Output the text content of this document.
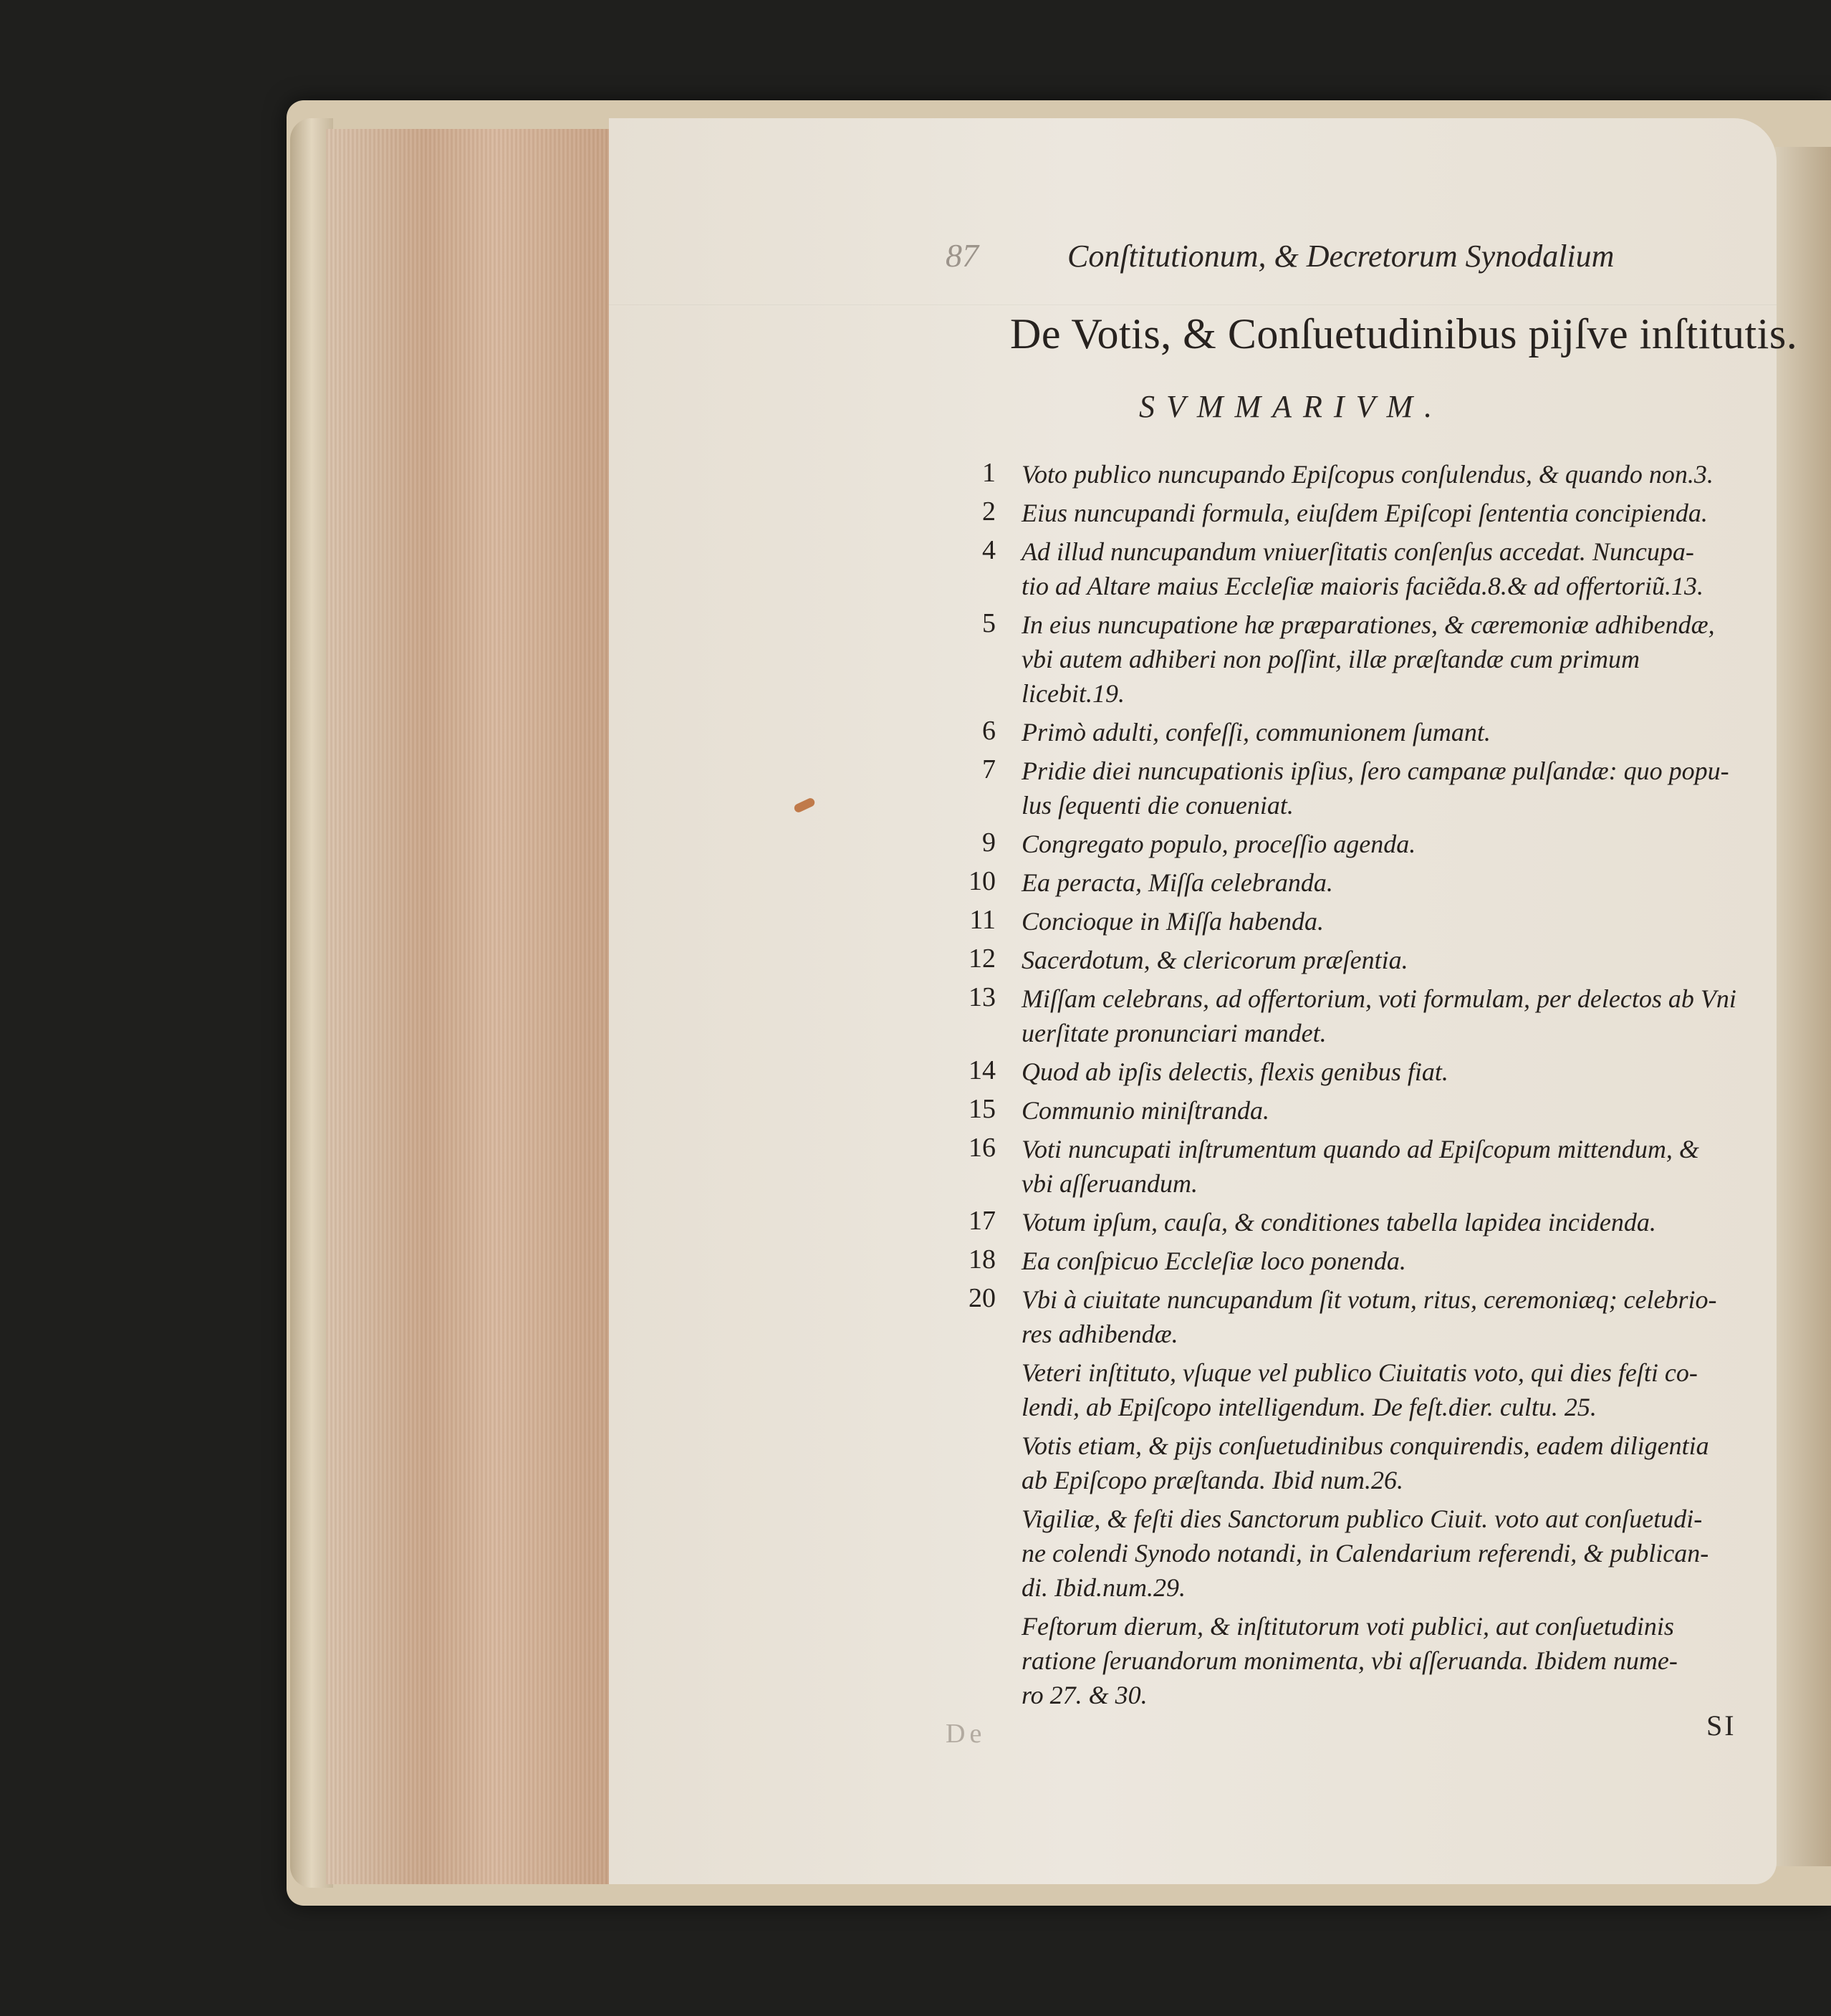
87	Conſtitutionum, & Decretorum Synodalium
De Votis, & Conſuetudinibus pijſve inſtitutis.
SVMMARIVM.
1 Voto publico nuncupando Epiſcopus conſulendus, & quando non.3.
2 Eius nuncupandi formula, eiuſdem Epiſcopi ſententia concipienda.
4 Ad illud nuncupandum vniuerſitatis conſenſus accedat. Nuncupa-
tio ad Altare maius Eccleſiæ maioris faciẽda.8.& ad offertoriũ.13.
5 In eius nuncupatione hæ præparationes, & cæremoniæ adhibendæ,
vbi autem adhiberi non poſſint, illæ præſtandæ cum primum
licebit.19.
6 Primò adulti, confeſſi, communionem ſumant.
7 Pridie diei nuncupationis ipſius, ſero campanæ pulſandæ: quo popu-
lus ſequenti die conueniat.
9 Congregato populo, proceſſio agenda.
10 Ea peracta, Miſſa celebranda.
11 Concioque in Miſſa habenda.
12 Sacerdotum, & clericorum præſentia.
13 Miſſam celebrans, ad offertorium, voti formulam, per delectos ab Vni
uerſitate pronunciari mandet.
14 Quod ab ipſis delectis, flexis genibus fiat.
15 Communio miniſtranda.
16 Voti nuncupati inſtrumentum quando ad Epiſcopum mittendum, &
vbi aſſeruandum.
17 Votum ipſum, cauſa, & conditiones tabella lapidea incidenda.
18 Ea conſpicuo Eccleſiæ loco ponenda.
20 Vbi à ciuitate nuncupandum ſit votum, ritus, ceremoniæq; celebrio-
res adhibendæ.
Veteri inſtituto, vſuque vel publico Ciuitatis voto, qui dies feſti co-
lendi, ab Epiſcopo intelligendum. De feſt.dier. cultu. 25.
Votis etiam, & pijs conſuetudinibus conquirendis, eadem diligentia
ab Epiſcopo præſtanda. Ibid num.26.
Vigiliæ, & feſti dies Sanctorum publico Ciuit. voto aut conſuetudi-
ne colendi Synodo notandi, in Calendarium referendi, & publican-
di. Ibid.num.29.
Feſtorum dierum, & inſtitutorum voti publici, aut conſuetudinis
ratione ſeruandorum monimenta, vbi aſſeruanda. Ibidem nume-
ro 27. & 30.
De	SI
